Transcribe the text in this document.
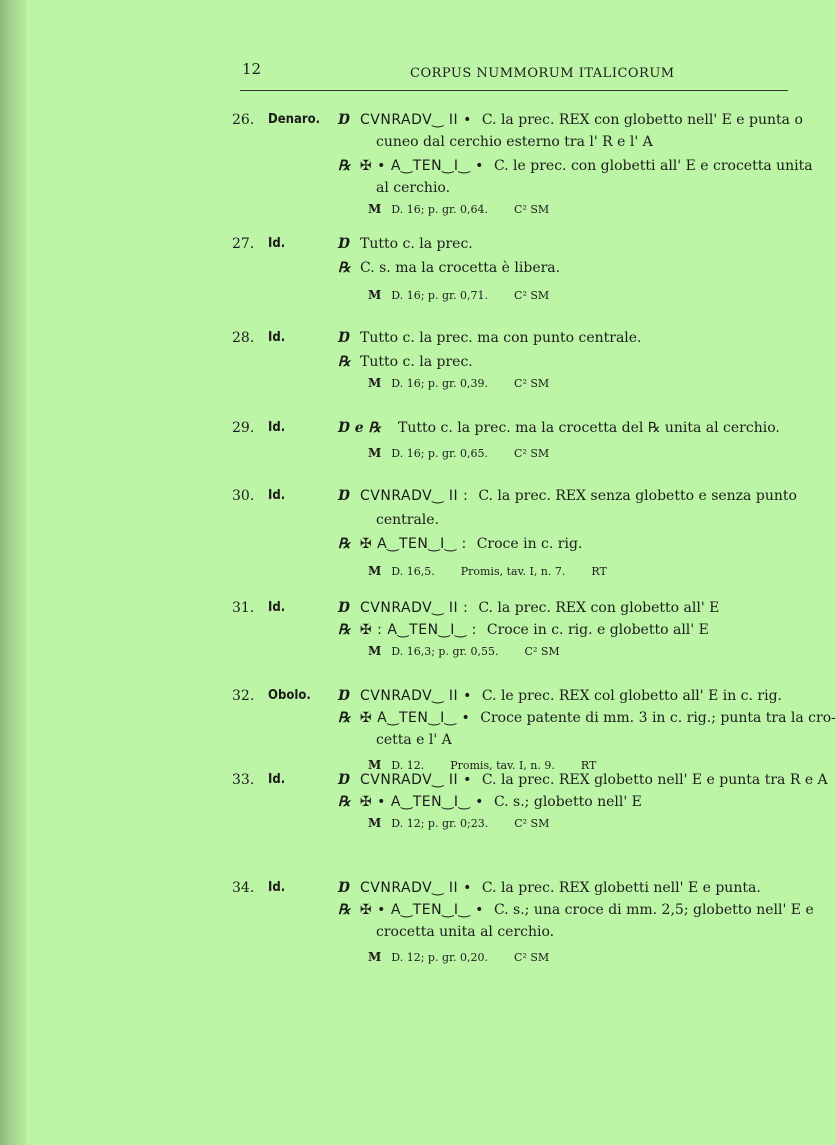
12	CORPUS NUMMORUM ITALICORUM
26. Denaro. Ɒ CVNRADV‿ II • C. la prec. REX con globetto nell' E e punta o
cuneo dal cerchio esterno tra l' R e l' A
℞ ✠ • A‿TEN‿I‿ • C. le prec. con globetti all' E e crocetta unita
al cerchio.
M D. 16; p. gr. 0,64. C² SM
27. Id.	Ɒ Tutto c. la prec.
℞ C. s. ma la crocetta è libera.
M D. 16; p. gr. 0,71. C² SM
28. Id.	Ɒ Tutto c. la prec. ma con punto centrale.
℞ Tutto c. la prec.
M D. 16; p. gr. 0,39. C² SM
29. Id.	Ɒ e ℞ Tutto c. la prec. ma la crocetta del ℞ unita al cerchio.
M D. 16; p. gr. 0,65. C² SM
30. Id.	Ɒ CVNRADV‿ II : C. la prec. REX senza globetto e senza punto
centrale.
℞ ✠ A‿TEN‿I‿ : Croce in c. rig.
M D. 16,5. Promis, tav. I, n. 7. RT
31. Id.	Ɒ CVNRADV‿ II : C. la prec. REX con globetto all' E
℞ ✠ : A‿TEN‿I‿ : Croce in c. rig. e globetto all' E
M D. 16,3; p. gr. 0,55. C² SM
32. Obolo. Ɒ CVNRADV‿ II • C. le prec. REX col globetto all' E in c. rig.
℞ ✠ A‿TEN‿I‿ • Croce patente di mm. 3 in c. rig.; punta tra la cro-
cetta e l' A
M D. 12. Promis, tav. I, n. 9. RT
33. Id.	Ɒ CVNRADV‿ II • C. la prec. REX globetto nell' E e punta tra R e A
℞ ✠ • A‿TEN‿I‿ • C. s.; globetto nell' E
M D. 12; p. gr. 0;23. C² SM
34. Id.	Ɒ CVNRADV‿ II • C. la prec. REX globetti nell' E e punta.
℞ ✠ • A‿TEN‿I‿ • C. s.; una croce di mm. 2,5; globetto nell' E e
crocetta unita al cerchio.
M D. 12; p. gr. 0,20. C² SM
